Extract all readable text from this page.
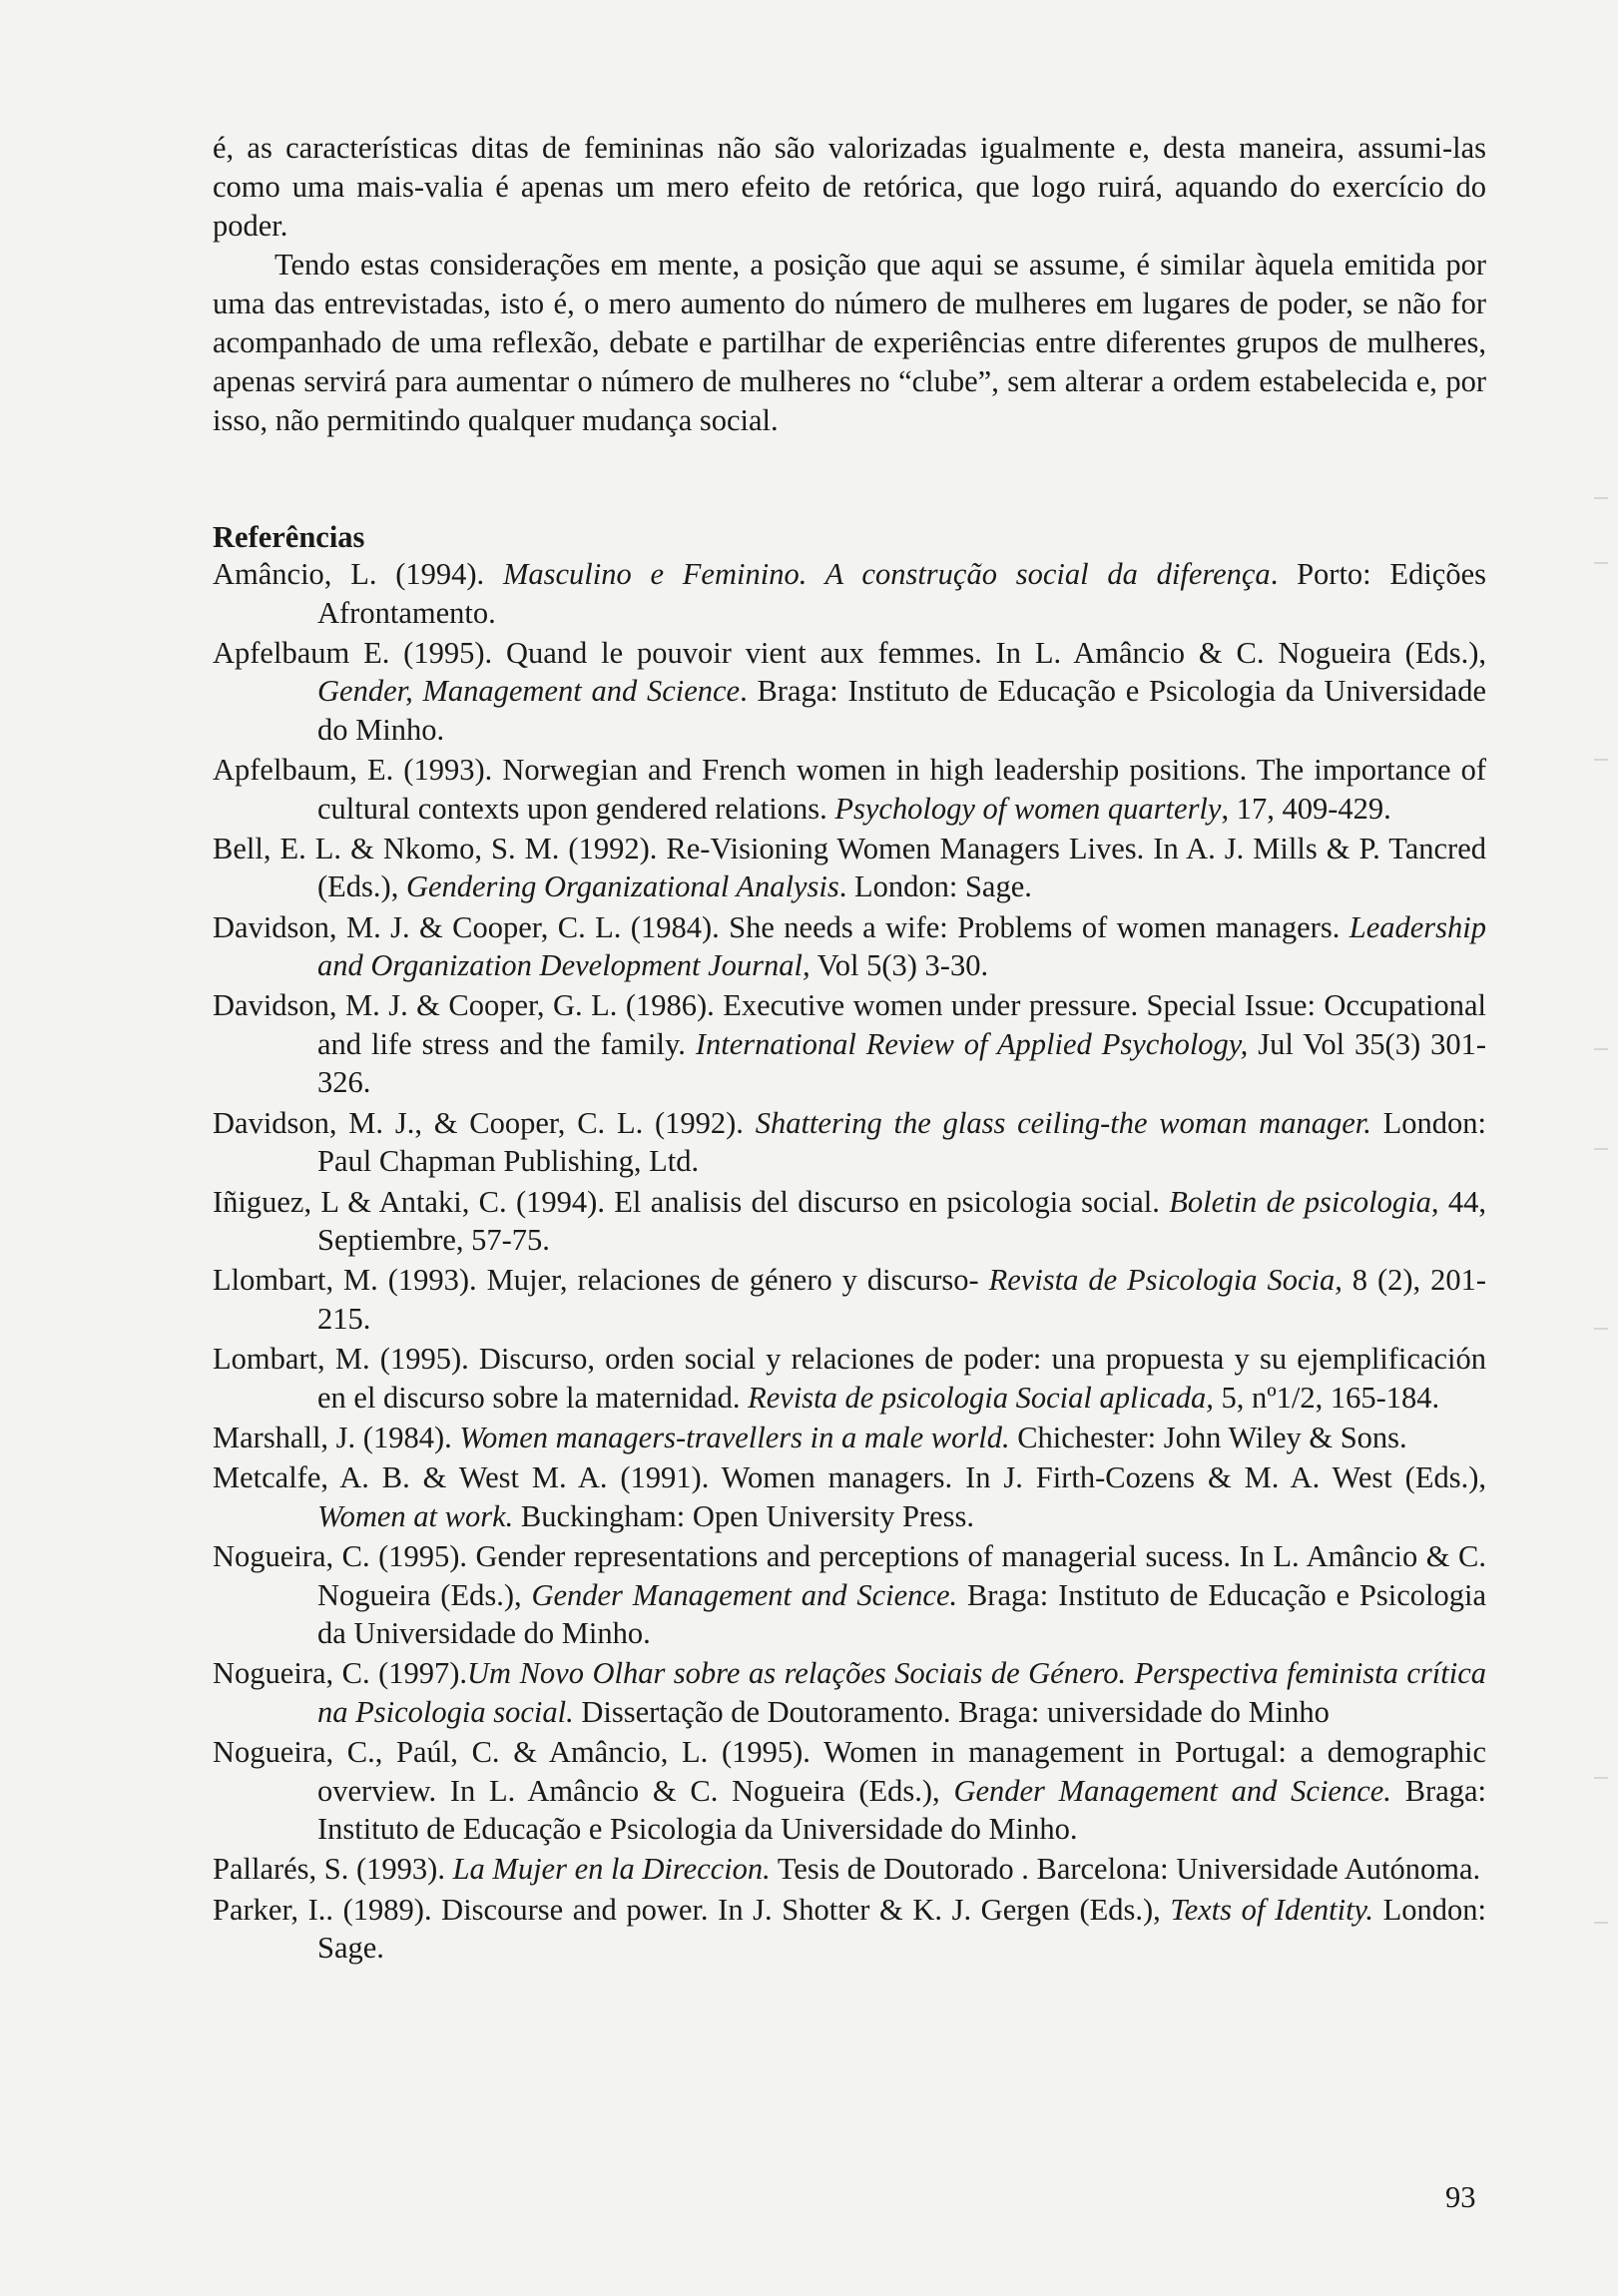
é, as características ditas de femininas não são valorizadas igualmente e, desta maneira, assumi-las como uma mais-valia é apenas um mero efeito de retórica, que logo ruirá, aquando do exercício do poder.

Tendo estas considerações em mente, a posição que aqui se assume, é similar àquela emitida por uma das entrevistadas, isto é, o mero aumento do número de mulheres em lugares de poder, se não for acompanhado de uma reflexão, debate e partilhar de experiências entre diferentes grupos de mulheres, apenas servirá para aumentar o número de mulheres no “clube”, sem alterar a ordem estabelecida e, por isso, não permitindo qualquer mudança social.

Referências

Amâncio, L. (1994). Masculino e Feminino. A construção social da diferença. Porto: Edições Afrontamento.

Apfelbaum E. (1995). Quand le pouvoir vient aux femmes. In L. Amâncio & C. Nogueira (Eds.), Gender, Management and Science. Braga: Instituto de Educação e Psicologia da Universidade do Minho.

Apfelbaum, E. (1993). Norwegian and French women in high leadership positions. The importance of cultural contexts upon gendered relations. Psychology of women quarterly, 17, 409-429.

Bell, E. L. & Nkomo, S. M. (1992). Re-Visioning Women Managers Lives. In A. J. Mills & P. Tancred (Eds.), Gendering Organizational Analysis. London: Sage.

Davidson, M. J. & Cooper, C. L. (1984). She needs a wife: Problems of women managers. Leadership and Organization Development Journal, Vol 5(3) 3-30.

Davidson, M. J. & Cooper, G. L. (1986). Executive women under pressure. Special Issue: Occupational and life stress and the family. International Review of Applied Psychology, Jul Vol 35(3) 301-326.

Davidson, M. J., & Cooper, C. L. (1992). Shattering the glass ceiling-the woman manager. London: Paul Chapman Publishing, Ltd.

Iñiguez, L & Antaki, C. (1994). El analisis del discurso en psicologia social. Boletin de psicologia, 44, Septiembre, 57-75.

Llombart, M. (1993). Mujer, relaciones de género y discurso- Revista de Psicologia Socia, 8 (2), 201-215.

Lombart, M. (1995). Discurso, orden social y relaciones de poder: una propuesta y su ejemplificación en el discurso sobre la maternidad. Revista de psicologia Social aplicada, 5, nº1/2, 165-184.

Marshall, J. (1984). Women managers-travellers in a male world. Chichester: John Wiley & Sons.

Metcalfe, A. B. & West M. A. (1991). Women managers. In J. Firth-Cozens & M. A. West (Eds.), Women at work. Buckingham: Open University Press.

Nogueira, C. (1995). Gender representations and perceptions of managerial sucess. In L. Amâncio & C. Nogueira (Eds.), Gender Management and Science. Braga: Instituto de Educação e Psicologia da Universidade do Minho.

Nogueira, C. (1997).Um Novo Olhar sobre as relações Sociais de Género. Perspectiva feminista crítica na Psicologia social. Dissertação de Doutoramento. Braga: universidade do Minho

Nogueira, C., Paúl, C. & Amâncio, L. (1995). Women in management in Portugal: a demographic overview. In L. Amâncio & C. Nogueira (Eds.), Gender Management and Science. Braga: Instituto de Educação e Psicologia da Universidade do Minho.

Pallarés, S. (1993). La Mujer en la Direccion. Tesis de Doutorado . Barcelona: Universidade Autónoma.

Parker, I.. (1989). Discourse and power. In J. Shotter & K. J. Gergen (Eds.), Texts of Identity. London: Sage.

93
